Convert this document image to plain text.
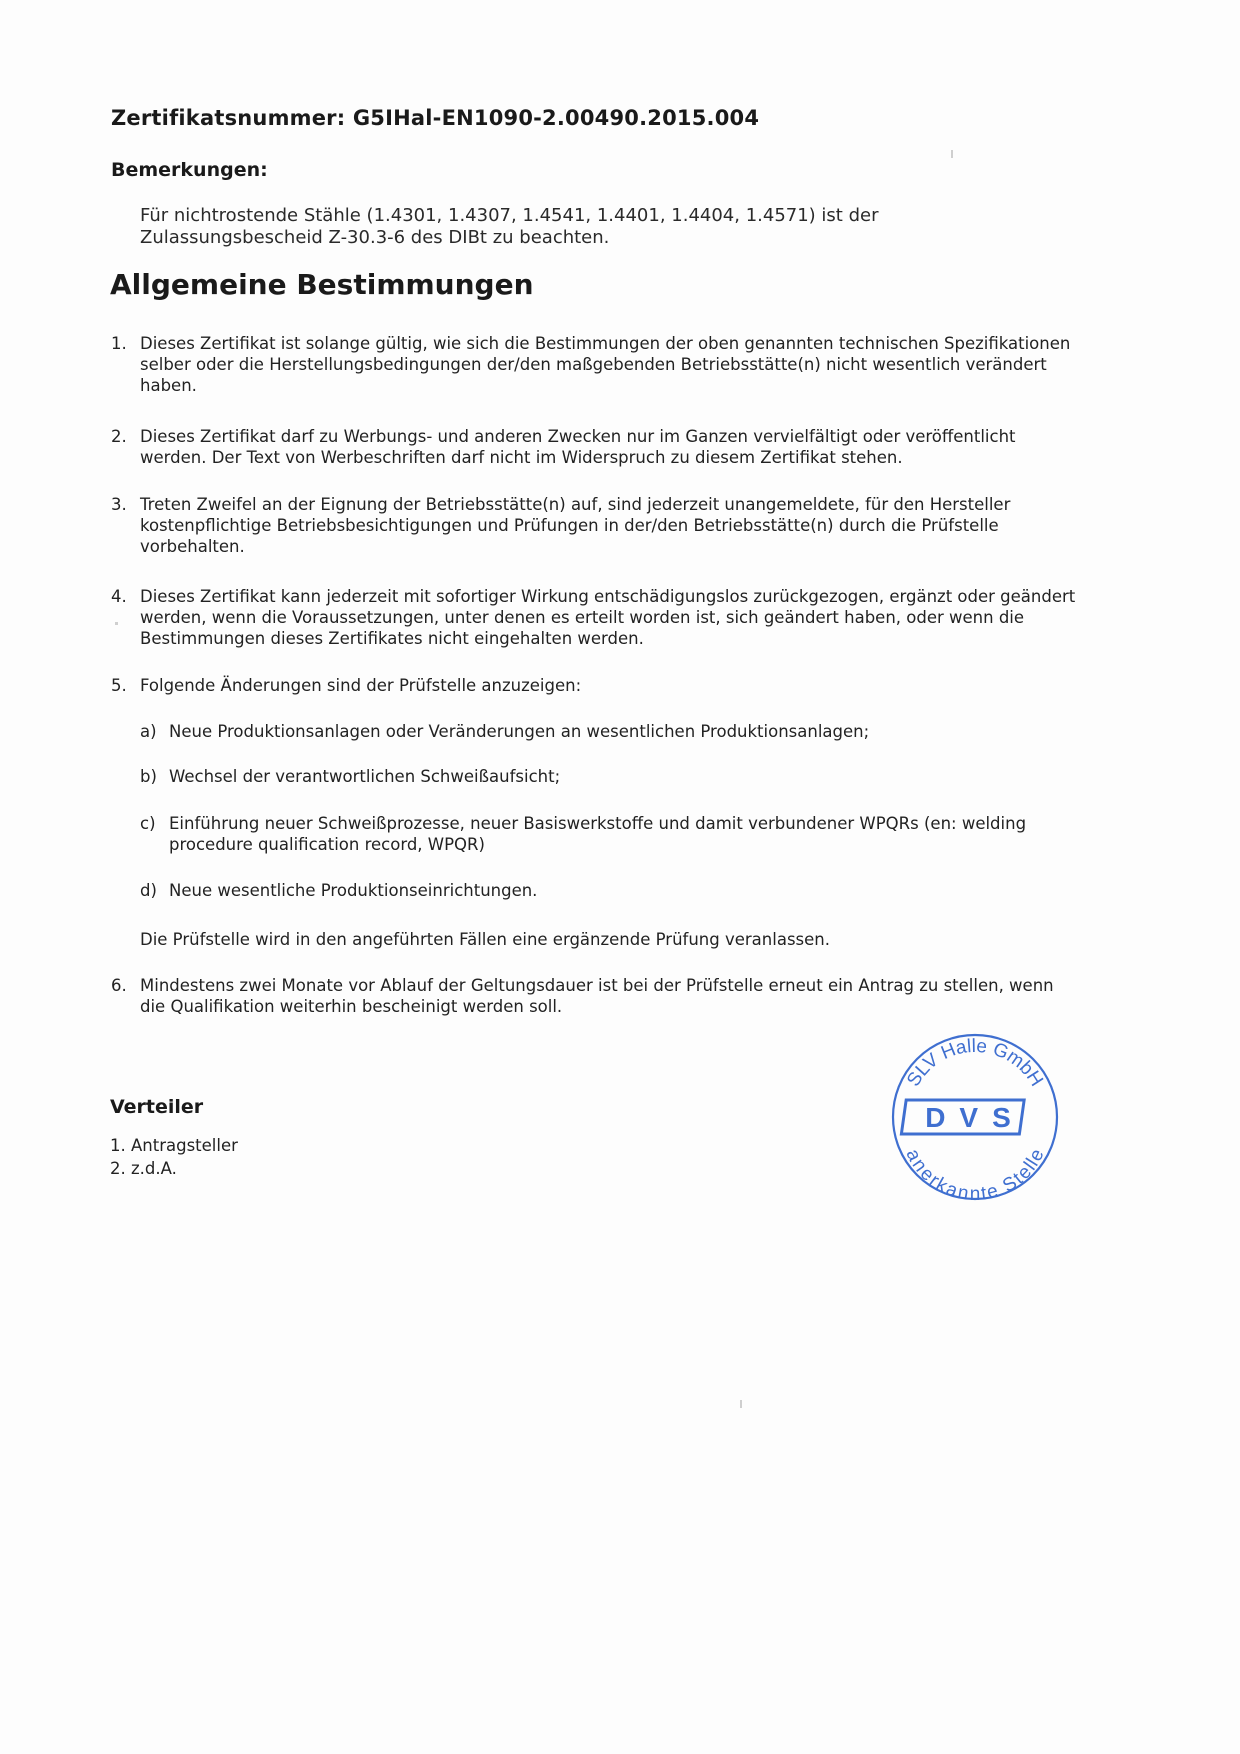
Zertifikatsnummer: G5IHal-EN1090-2.00490.2015.004
Bemerkungen:
Für nichtrostende Stähle (1.4301, 1.4307, 1.4541, 1.4401, 1.4404, 1.4571) ist der
Zulassungsbescheid Z-30.3-6 des DIBt zu beachten.
Allgemeine Bestimmungen
1. Dieses Zertifikat ist solange gültig, wie sich die Bestimmungen der oben genannten technischen Spezifikationen
selber oder die Herstellungsbedingungen der/den maßgebenden Betriebsstätte(n) nicht wesentlich verändert
haben.
2. Dieses Zertifikat darf zu Werbungs- und anderen Zwecken nur im Ganzen vervielfältigt oder veröffentlicht
werden. Der Text von Werbeschriften darf nicht im Widerspruch zu diesem Zertifikat stehen.
3. Treten Zweifel an der Eignung der Betriebsstätte(n) auf, sind jederzeit unangemeldete, für den Hersteller
kostenpflichtige Betriebsbesichtigungen und Prüfungen in der/den Betriebsstätte(n) durch die Prüfstelle
vorbehalten.
4. Dieses Zertifikat kann jederzeit mit sofortiger Wirkung entschädigungslos zurückgezogen, ergänzt oder geändert
werden, wenn die Voraussetzungen, unter denen es erteilt worden ist, sich geändert haben, oder wenn die
Bestimmungen dieses Zertifikates nicht eingehalten werden.
5. Folgende Änderungen sind der Prüfstelle anzuzeigen:
a) Neue Produktionsanlagen oder Veränderungen an wesentlichen Produktionsanlagen;
b) Wechsel der verantwortlichen Schweißaufsicht;
c) Einführung neuer Schweißprozesse, neuer Basiswerkstoffe und damit verbundener WPQRs (en: welding
procedure qualification record, WPQR)
d) Neue wesentliche Produktionseinrichtungen.
Die Prüfstelle wird in den angeführten Fällen eine ergänzende Prüfung veranlassen.
6. Mindestens zwei Monate vor Ablauf der Geltungsdauer ist bei der Prüfstelle erneut ein Antrag zu stellen, wenn
die Qualifikation weiterhin bescheinigt werden soll.
Verteiler
1. Antragsteller
2. z.d.A.
SLV Halle GmbH
anerkannte Stelle
DVS
